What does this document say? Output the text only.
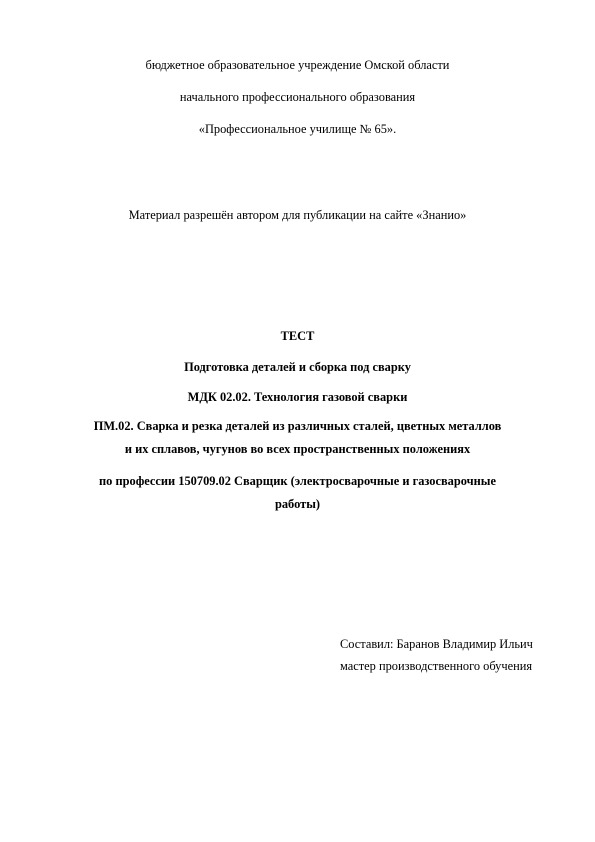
бюджетное образовательное учреждение Омской области
начального профессионального образования
«Профессиональное училище № 65».
Материал разрешён автором для публикации на сайте «Знанио»
ТЕСТ
Подготовка деталей и сборка под сварку
МДК 02.02. Технология газовой сварки
ПМ.02. Сварка и резка деталей из различных сталей, цветных металлов
и их сплавов, чугунов во всех пространственных положениях
по профессии 150709.02 Сварщик (электросварочные и газосварочные
работы)
Составил: Баранов Владимир Ильич
мастер производственного обучения
